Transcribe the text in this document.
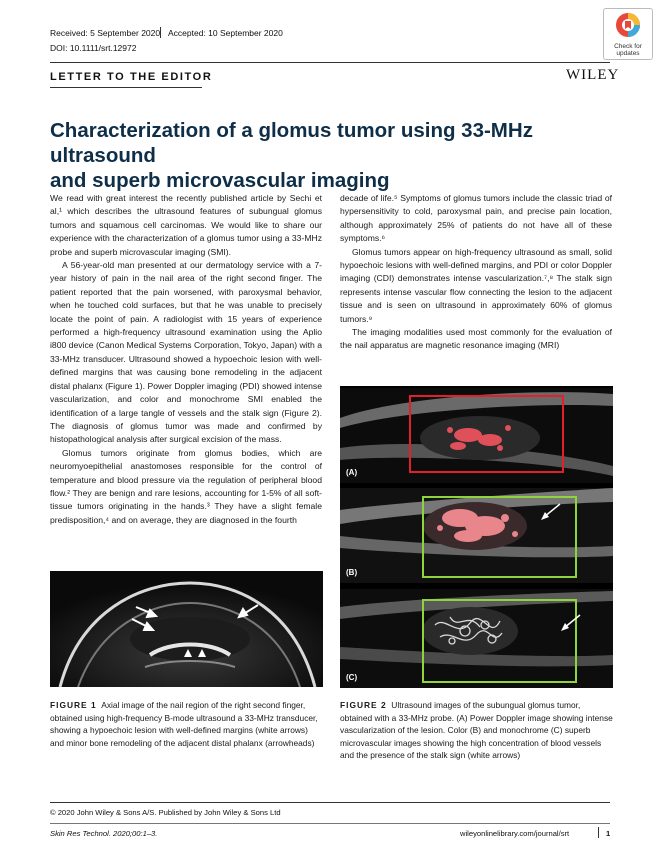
Received: 5 September 2020 Accepted: 10 September 2020
DOI: 10.1111/srt.12972	Check for
updates
LETTER TO THE EDITOR	WILEY
Characterization of a glomus tumor using 33-MHz ultrasound
and superb microvascular imaging

We read with great interest the recently published article by Sechi et al,¹ which describes the ultrasound features of subungual glomus tumors and squamous cell carcinomas. We would like to share our experience with the characterization of a glomus tumor using a 33-MHz probe and superb microvascular imaging (SMI).

A 56-year-old man presented at our dermatology service with a 7-year history of pain in the nail area of the right second finger. The patient reported that the pain worsened, with paroxysmal behavior, when he touched cold surfaces, but that he was unable to precisely locate the point of pain. A radiologist with 15 years of experience performed a high-frequency ultrasound examination using the Aplio i800 device (Canon Medical Systems Corporation, Tokyo, Japan) with a 33-MHz transducer. Ultrasound showed a hypoechoic lesion with well-defined margins that was causing bone remodeling in the adjacent distal phalanx (Figure 1). Power Doppler imaging (PDI) showed intense vascularization, and color and monochrome SMI enabled the identification of a large tangle of vessels and the stalk sign (Figure 2). The diagnosis of glomus tumor was made and confirmed by histopathological analysis after surgical excision of the mass.

Glomus tumors originate from glomus bodies, which are neuromyoepithelial anastomoses responsible for the control of temperature and blood pressure via the regulation of peripheral blood flow.² They are benign and rare lesions, accounting for 1-5% of all soft-tissue tumors originating in the hands.³ They have a slight female predisposition,⁴ and on average, they are diagnosed in the fourth

decade of life.⁵ Symptoms of glomus tumors include the classic triad of hypersensitivity to cold, paroxysmal pain, and precise pain location, although approximately 25% of patients do not have all of these symptoms.⁶

Glomus tumors appear on high-frequency ultrasound as small, solid hypoechoic lesions with well-defined margins, and PDI or color Doppler imaging (CDI) demonstrates intense vascularization.⁷,⁸ The stalk sign represents intense vascular flow connecting the lesion to the adjacent tissue and is seen on ultrasound in approximately 60% of glomus tumors.⁹

The imaging modalities used most commonly for the evaluation of the nail apparatus are magnetic resonance imaging (MRI)

FIGURE 1 Axial image of the nail region of the right second finger, obtained using high-frequency B-mode ultrasound a 33-MHz transducer, showing a hypoechoic lesion with well-defined margins (white arrows) and minor bone remodeling of the adjacent distal phalanx (arrowheads)
(A)
(B)
(C)
FIGURE 2 Ultrasound images of the subungual glomus tumor, obtained with a 33-MHz probe. (A) Power Doppler image showing intense vascularization of the lesion. Color (B) and monochrome (C) superb microvascular images showing the high concentration of blood vessels and the presence of the stalk sign (white arrows)
© 2020 John Wiley & Sons A/S. Published by John Wiley & Sons Ltd
Skin Res Technol. 2020;00:1–3.	wileyonlinelibrary.com/journal/srt	1
